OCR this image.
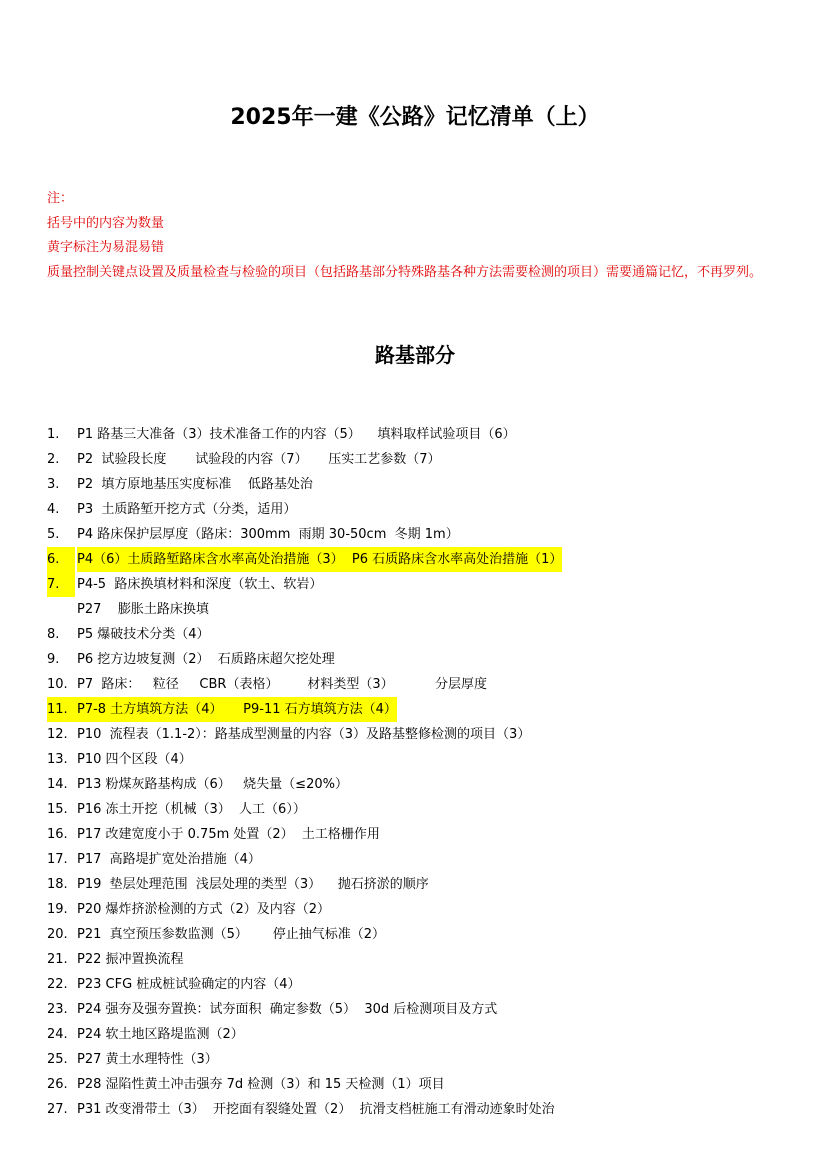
2025年一建《公路》记忆清单（上）
注：
括号中的内容为数量
黄字标注为易混易错
质量控制关键点设置及质量检查与检验的项目（包括路基部分特殊路基各种方法需要检测的项目）需要通篇记忆，不再罗列。
路基部分
1. P1 路基三大准备（3）技术准备工作的内容（5）    填料取样试验项目（6）
2. P2  试验段长度       试验段的内容（7）     压实工艺参数（7）
3. P2  填方原地基压实度标准    低路基处治
4. P3  土质路堑开挖方式（分类，适用）
5. P4 路床保护层厚度（路床：300mm  雨期 30-50cm  冬期 1m）
6.	P4（6）土质路堑路床含水率高处治措施（3）  P6 石质路床含水率高处治措施（1）
7.	P4-5  路床换填材料和深度（软土、软岩）
P27    膨胀土路床换填
8. P5 爆破技术分类（4）
9. P6 挖方边坡复测（2）  石质路床超欠挖处理
10. P7  路床：   粒径     CBR（表格）       材料类型（3）          分层厚度
11. P7-8 土方填筑方法（4）     P9-11 石方填筑方法（4）
12. P10  流程表（1.1-2）：路基成型测量的内容（3）及路基整修检测的项目（3）
13. P10 四个区段（4）
14. P13 粉煤灰路基构成（6）   烧失量（≤20%）
15. P16 冻土开挖（机械（3）  人工（6））
16. P17 改建宽度小于 0.75m 处置（2）  土工格栅作用
17. P17  高路堤扩宽处治措施（4）
18. P19  垫层处理范围  浅层处理的类型（3）    抛石挤淤的顺序
19. P20 爆炸挤淤检测的方式（2）及内容（2）
20. P21  真空预压参数监测（5）      停止抽气标准（2）
21. P22 振冲置换流程
22. P23 CFG 桩成桩试验确定的内容（4）
23. P24 强夯及强夯置换：试夯面积  确定参数（5）  30d 后检测项目及方式
24. P24 软土地区路堤监测（2）
25. P27 黄土水理特性（3）
26. P28 湿陷性黄土冲击强夯 7d 检测（3）和 15 天检测（1）项目
27. P31 改变滑带土（3）  开挖面有裂缝处置（2）  抗滑支档桩施工有滑动迹象时处治
